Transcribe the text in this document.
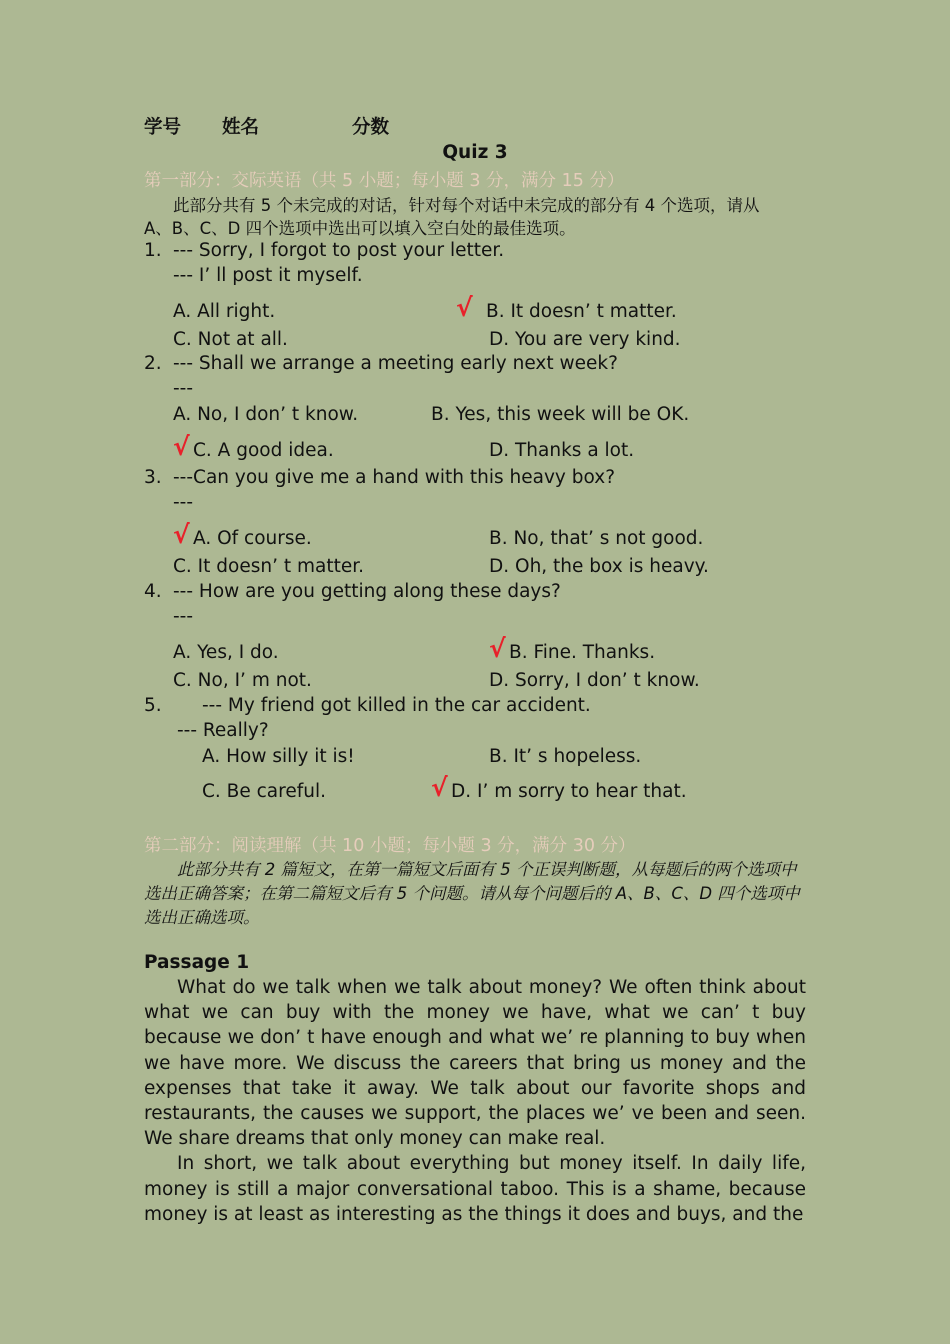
学号 姓名	分数
Quiz 3
第一部分：交际英语（共 5 小题；每小题 3 分，满分 15 分）
此部分共有 5 个未完成的对话，针对每个对话中未完成的部分有 4 个选项，请从
A、B、C、D 四个选项中选出可以填入空白处的最佳选项。
1. --- Sorry, I forgot to post your letter.
--- I’ ll post it myself.
A. All right.	√ B. It doesn’ t matter.
C. Not at all.	D. You are very kind.
2. --- Shall we arrange a meeting early next week?
---
A. No, I don’ t know.	B. Yes, this week will be OK.
√ C. A good idea.	D. Thanks a lot.
3. ---Can you give me a hand with this heavy box?
---
√ A. Of course.	B. No, that’ s not good.
C. It doesn’ t matter.	D. Oh, the box is heavy.
4. --- How are you getting along these days?
---
A. Yes, I do.	√ B. Fine. Thanks.
C. No, I’ m not.	D. Sorry, I don’ t know.
5. --- My friend got killed in the car accident.
--- Really?
A. How silly it is!	B. It’ s hopeless.
C. Be careful.	√ D. I’ m sorry to hear that.
第二部分：阅读理解（共 10 小题；每小题 3 分，满分 30 分）
此部分共有 2 篇短文，在第一篇短文后面有 5 个正误判断题，从每题后的两个选项中选出正确答案；在第二篇短文后有 5 个问题。请从每个问题后的 A、B、C、D 四个选项中选出正确选项。
Passage 1

What do we talk when we talk about money? We often think about what we can buy with the money we have, what we can’ t buy because we don’ t have enough and what we’ re planning to buy when we have more. We discuss the careers that bring us money and the expenses that take it away. We talk about our favorite shops and restaurants, the causes we support, the places we’ ve been and seen. We share dreams that only money can make real.

In short, we talk about everything but money itself. In daily life, money is still a major conversational taboo. This is a shame, because money is at least as interesting as the things it does and buys, and the
